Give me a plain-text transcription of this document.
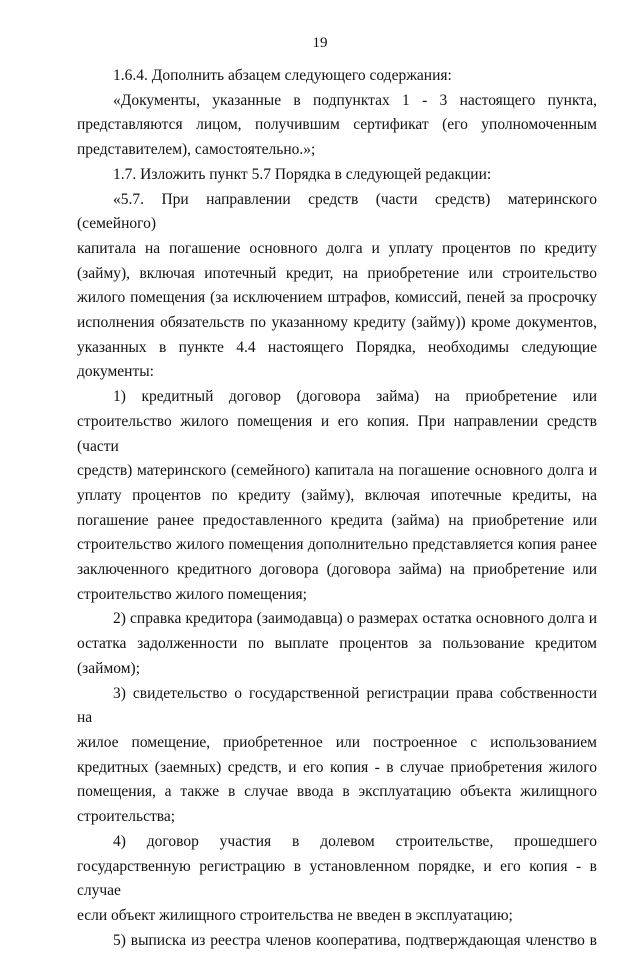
19
1.6.4. Дополнить абзацем следующего содержания:
«Документы, указанные в подпунктах 1 - 3 настоящего пункта,
представляются лицом, получившим сертификат (его уполномоченным
представителем), самостоятельно.»;
1.7. Изложить пункт 5.7 Порядка в следующей редакции:
«5.7. При направлении средств (части средств) материнского (семейного)
капитала на погашение основного долга и уплату процентов по кредиту
(займу), включая ипотечный кредит, на приобретение или строительство
жилого помещения (за исключением штрафов, комиссий, пеней за просрочку
исполнения обязательств по указанному кредиту (займу)) кроме документов,
указанных в пункте 4.4 настоящего Порядка, необходимы следующие
документы:
1) кредитный договор (договора займа) на приобретение или
строительство жилого помещения и его копия. При направлении средств (части
средств) материнского (семейного) капитала на погашение основного долга и
уплату процентов по кредиту (займу), включая ипотечные кредиты, на
погашение ранее предоставленного кредита (займа) на приобретение или
строительство жилого помещения дополнительно представляется копия ранее
заключенного кредитного договора (договора займа) на приобретение или
строительство жилого помещения;
2) справка кредитора (заимодавца) о размерах остатка основного долга и
остатка задолженности по выплате процентов за пользование кредитом
(займом);
3) свидетельство о государственной регистрации права собственности на
жилое помещение, приобретенное или построенное с использованием
кредитных (заемных) средств, и его копия - в случае приобретения жилого
помещения, а также в случае ввода в эксплуатацию объекта жилищного
строительства;
4) договор участия в долевом строительстве, прошедшего
государственную регистрацию в установленном порядке, и его копия - в случае
если объект жилищного строительства не введен в эксплуатацию;
5) выписка из реестра членов кооператива, подтверждающая членство в
